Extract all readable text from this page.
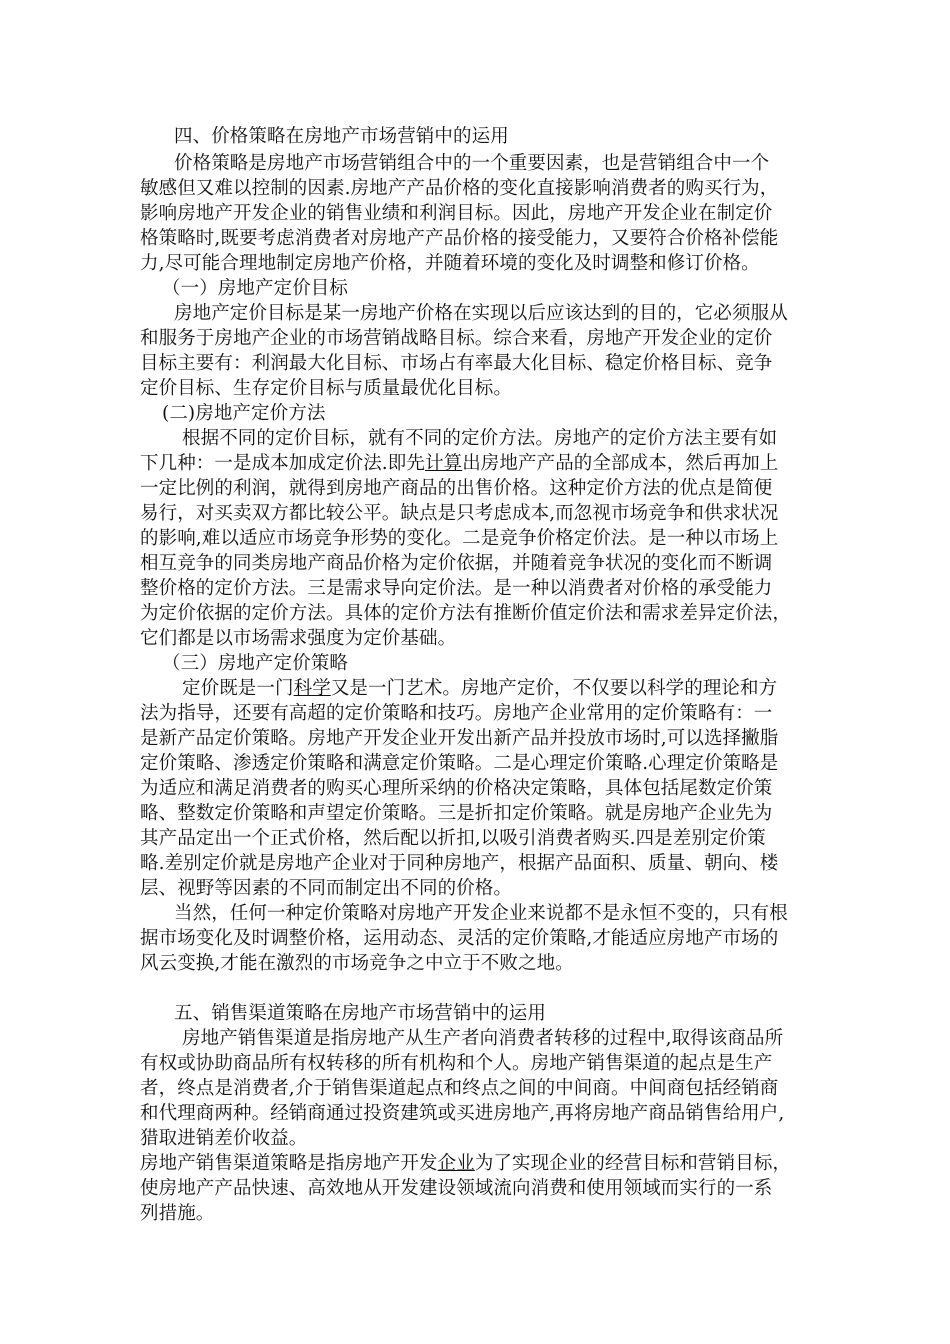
四、价格策略在房地产市场营销中的运用
价格策略是房地产市场营销组合中的一个重要因素，也是营销组合中一个
敏感但又难以控制的因素.房地产产品价格的变化直接影响消费者的购买行为，
影响房地产开发企业的销售业绩和利润目标。因此，房地产开发企业在制定价
格策略时,既要考虑消费者对房地产产品价格的接受能力，又要符合价格补偿能
力,尽可能合理地制定房地产价格，并随着环境的变化及时调整和修订价格。
（一）房地产定价目标
房地产定价目标是某一房地产价格在实现以后应该达到的目的，它必须服从
和服务于房地产企业的市场营销战略目标。综合来看，房地产开发企业的定价
目标主要有：利润最大化目标、市场占有率最大化目标、稳定价格目标、竞争
定价目标、生存定价目标与质量最优化目标。
(二)房地产定价方法
根据不同的定价目标，就有不同的定价方法。房地产的定价方法主要有如
下几种：一是成本加成定价法.即先计算出房地产产品的全部成本，然后再加上
一定比例的利润，就得到房地产商品的出售价格。这种定价方法的优点是简便
易行，对买卖双方都比较公平。缺点是只考虑成本,而忽视市场竞争和供求状况
的影响,难以适应市场竞争形势的变化。二是竞争价格定价法。是一种以市场上
相互竞争的同类房地产商品价格为定价依据，并随着竞争状况的变化而不断调
整价格的定价方法。三是需求导向定价法。是一种以消费者对价格的承受能力
为定价依据的定价方法。具体的定价方法有推断价值定价法和需求差异定价法，
它们都是以市场需求强度为定价基础。
（三）房地产定价策略
定价既是一门科学又是一门艺术。房地产定价，不仅要以科学的理论和方
法为指导，还要有高超的定价策略和技巧。房地产企业常用的定价策略有：一
是新产品定价策略。房地产开发企业开发出新产品并投放市场时,可以选择撇脂
定价策略、渗透定价策略和满意定价策略。二是心理定价策略.心理定价策略是
为适应和满足消费者的购买心理所采纳的价格决定策略，具体包括尾数定价策
略、整数定价策略和声望定价策略。三是折扣定价策略。就是房地产企业先为
其产品定出一个正式价格，然后配以折扣,以吸引消费者购买.四是差别定价策
略.差别定价就是房地产企业对于同种房地产，根据产品面积、质量、朝向、楼
层、视野等因素的不同而制定出不同的价格。
当然，任何一种定价策略对房地产开发企业来说都不是永恒不变的，只有根
据市场变化及时调整价格，运用动态、灵活的定价策略,才能适应房地产市场的
风云变换,才能在激烈的市场竞争之中立于不败之地。
五、销售渠道策略在房地产市场营销中的运用
房地产销售渠道是指房地产从生产者向消费者转移的过程中,取得该商品所
有权或协助商品所有权转移的所有机构和个人。房地产销售渠道的起点是生产
者，终点是消费者,介于销售渠道起点和终点之间的中间商。中间商包括经销商
和代理商两种。经销商通过投资建筑或买进房地产,再将房地产商品销售给用户,
猎取进销差价收益。
房地产销售渠道策略是指房地产开发企业为了实现企业的经营目标和营销目标，
使房地产产品快速、高效地从开发建设领域流向消费和使用领域而实行的一系
列措施。
